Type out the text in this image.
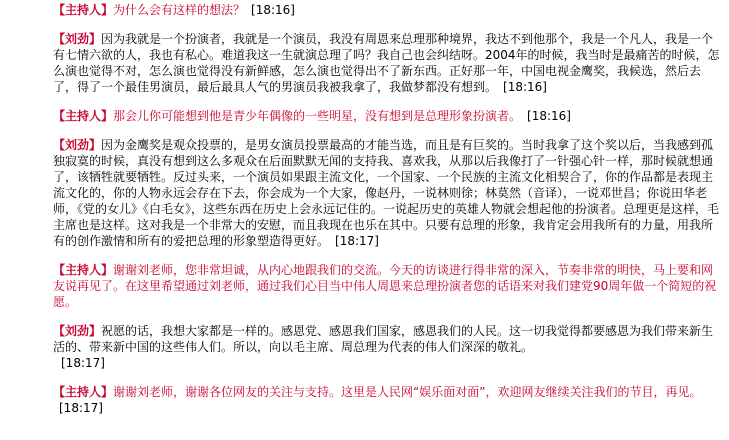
【主持人】为什么会有这样的想法？ [18:16]
【刘劲】因为我就是一个扮演者，我就是一个演员，我没有周恩来总理那种境界，我达不到他那个，我是一个凡人，我是一个有七情六欲的人，我也有私心。难道我这一生就演总理了吗？我自己也会纠结呀。2004年的时候，我当时是最痛苦的时候，怎么演也觉得不对，怎么演也觉得没有新鲜感，怎么演也觉得出不了新东西。正好那一年，中国电视金鹰奖，我候选，然后去了，得了一个最佳男演员，最后最具人气的男演员我被我拿了，我做梦都没有想到。 [18:16]
【主持人】那会儿你可能想到他是青少年偶像的一些明星，没有想到是总理形象扮演者。 [18:16]
【刘劲】因为金鹰奖是观众投票的，是男女演员投票最高的才能当选，而且是有巨奖的。当时我拿了这个奖以后，当我感到孤独寂寞的时候，真没有想到这么多观众在后面默默无闻的支持我、喜欢我，从那以后我像打了一针强心针一样，那时候就想通了，该牺牲就要牺牲。反过头来，一个演员如果跟主流文化，一个国家、一个民族的主流文化相契合了，你的作品都是表现主流文化的，你的人物永远会存在下去，你会成为一个大家，像赵丹，一说林则徐；林莫然（音译），一说邓世昌；你说田华老师，《党的女儿》《白毛女》，这些东西在历史上会永远记住的。一说起历史的英雄人物就会想起他的扮演者。总理更是这样，毛主席也是这样。这对我是一个非常大的安慰，而且我现在也乐在其中。只要有总理的形象，我肯定会用我所有的力量，用我所有的创作激情和所有的爱把总理的形象塑造得更好。 [18:17]
【主持人】谢谢刘老师，您非常坦诚，从内心地跟我们的交流。今天的访谈进行得非常的深入，节奏非常的明快，马上要和网友说再见了。在这里希望通过刘老师，通过我们心目当中伟人周恩来总理扮演者您的话语来对我们建党90周年做一个简短的祝愿。
【刘劲】祝愿的话，我想大家都是一样的。感恩党、感恩我们国家，感恩我们的人民。这一切我觉得都要感恩为我们带来新生活的、带来新中国的这些伟人们。所以，向以毛主席、周总理为代表的伟人们深深的敬礼。
[18:17]
【主持人】谢谢刘老师，谢谢各位网友的关注与支持。这里是人民网“娱乐面对面”，欢迎网友继续关注我们的节目，再见。[18:17]
